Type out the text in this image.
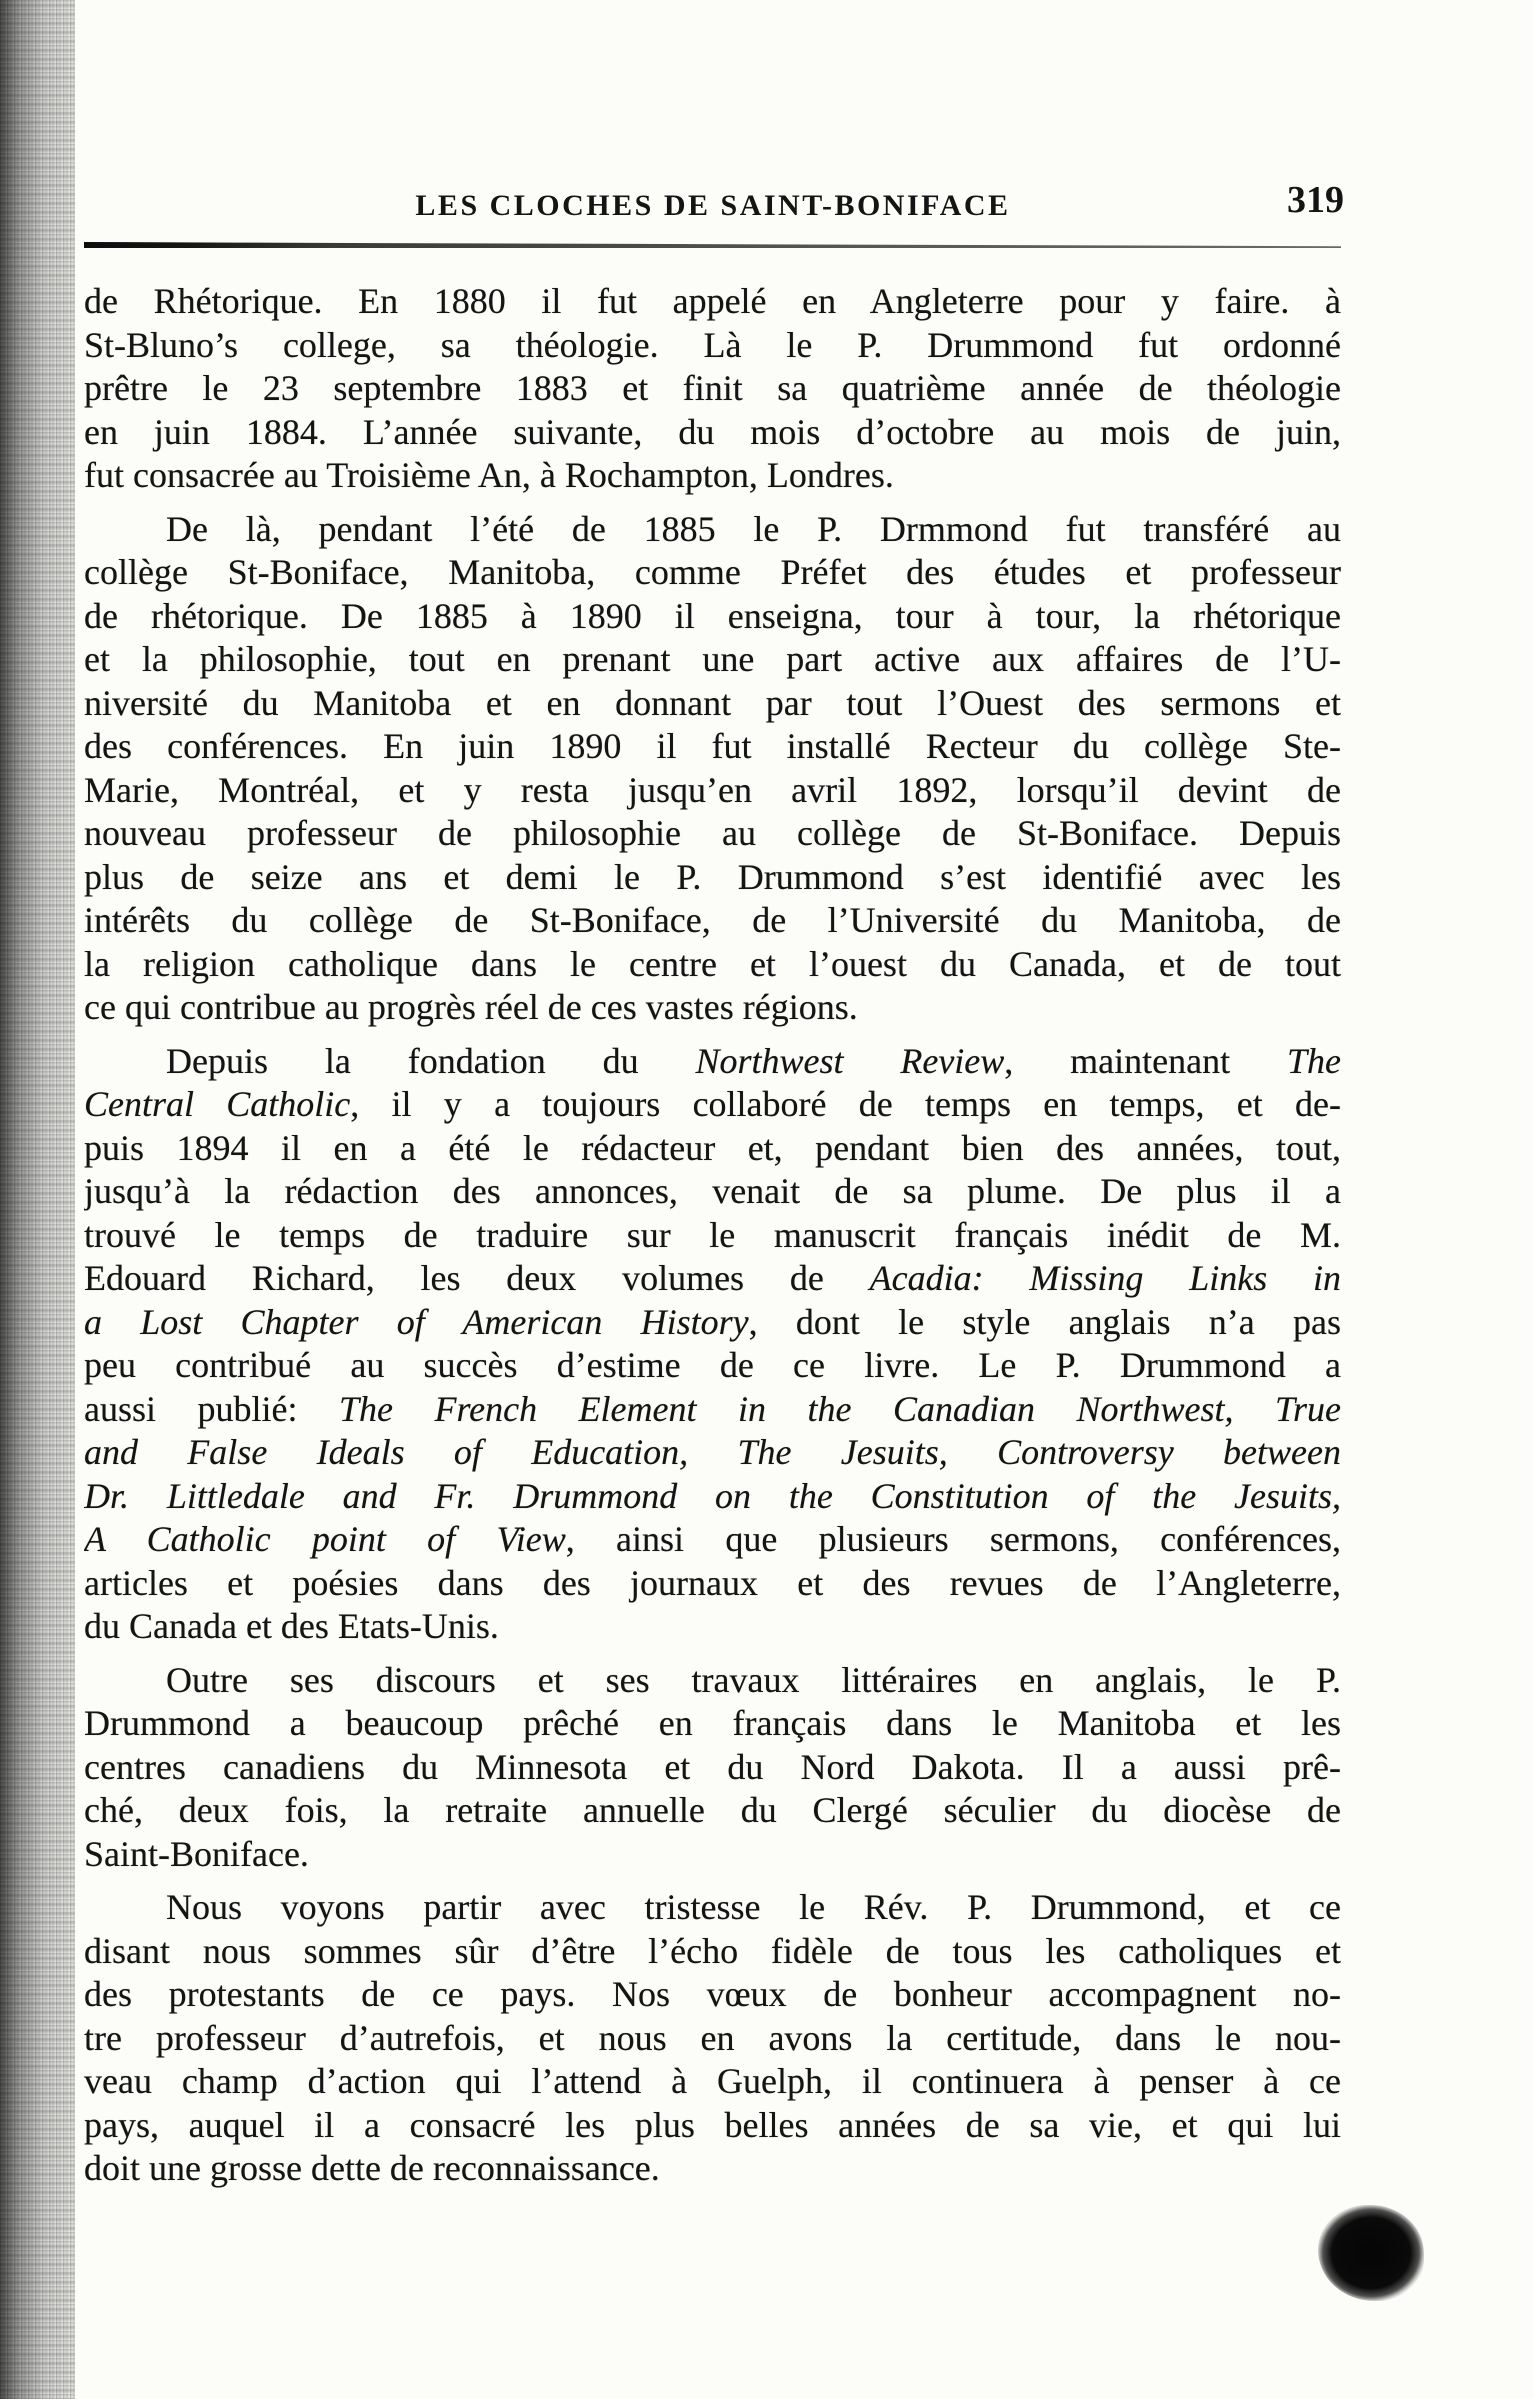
LES CLOCHES DE SAINT-BONIFACE	319
de Rhétorique. En 1880 il fut appelé en Angleterre pour y faire. à
St-Bluno’s college, sa théologie. Là le P. Drummond fut ordonné
prêtre le 23 septembre 1883 et finit sa quatrième année de théologie
en juin 1884. L’année suivante, du mois d’octobre au mois de juin,
fut consacrée au Troisième An, à Rochampton, Londres.
De là, pendant l’été de 1885 le P. Drmmond fut transféré au
collège St-Boniface, Manitoba, comme Préfet des études et professeur
de rhétorique. De 1885 à 1890 il enseigna, tour à tour, la rhétorique
et la philosophie, tout en prenant une part active aux affaires de l’U-
niversité du Manitoba et en donnant par tout l’Ouest des sermons et
des conférences. En juin 1890 il fut installé Recteur du collège Ste-
Marie, Montréal, et y resta jusqu’en avril 1892, lorsqu’il devint de
nouveau professeur de philosophie au collège de St-Boniface. Depuis
plus de seize ans et demi le P. Drummond s’est identifié avec les
intérêts du collège de St-Boniface, de l’Université du Manitoba, de
la religion catholique dans le centre et l’ouest du Canada, et de tout
ce qui contribue au progrès réel de ces vastes régions.
Depuis la fondation du Northwest Review, maintenant The
Central Catholic, il y a toujours collaboré de temps en temps, et de-
puis 1894 il en a été le rédacteur et, pendant bien des années, tout,
jusqu’à la rédaction des annonces, venait de sa plume. De plus il a
trouvé le temps de traduire sur le manuscrit français inédit de M.
Edouard Richard, les deux volumes de Acadia: Missing Links in
a Lost Chapter of American History, dont le style anglais n’a pas
peu contribué au succès d’estime de ce livre. Le P. Drummond a
aussi publié: The French Element in the Canadian Northwest, True
and False Ideals of Education, The Jesuits, Controversy between
Dr. Littledale and Fr. Drummond on the Constitution of the Jesuits,
A Catholic point of View, ainsi que plusieurs sermons, conférences,
articles et poésies dans des journaux et des revues de l’Angleterre,
du Canada et des Etats-Unis.
Outre ses discours et ses travaux littéraires en anglais, le P.
Drummond a beaucoup prêché en français dans le Manitoba et les
centres canadiens du Minnesota et du Nord Dakota. Il a aussi prê-
ché, deux fois, la retraite annuelle du Clergé séculier du diocèse de
Saint-Boniface.
Nous voyons partir avec tristesse le Rév. P. Drummond, et ce
disant nous sommes sûr d’être l’écho fidèle de tous les catholiques et
des protestants de ce pays. Nos vœux de bonheur accompagnent no-
tre professeur d’autrefois, et nous en avons la certitude, dans le nou-
veau champ d’action qui l’attend à Guelph, il continuera à penser à ce
pays, auquel il a consacré les plus belles années de sa vie, et qui lui
doit une grosse dette de reconnaissance.
